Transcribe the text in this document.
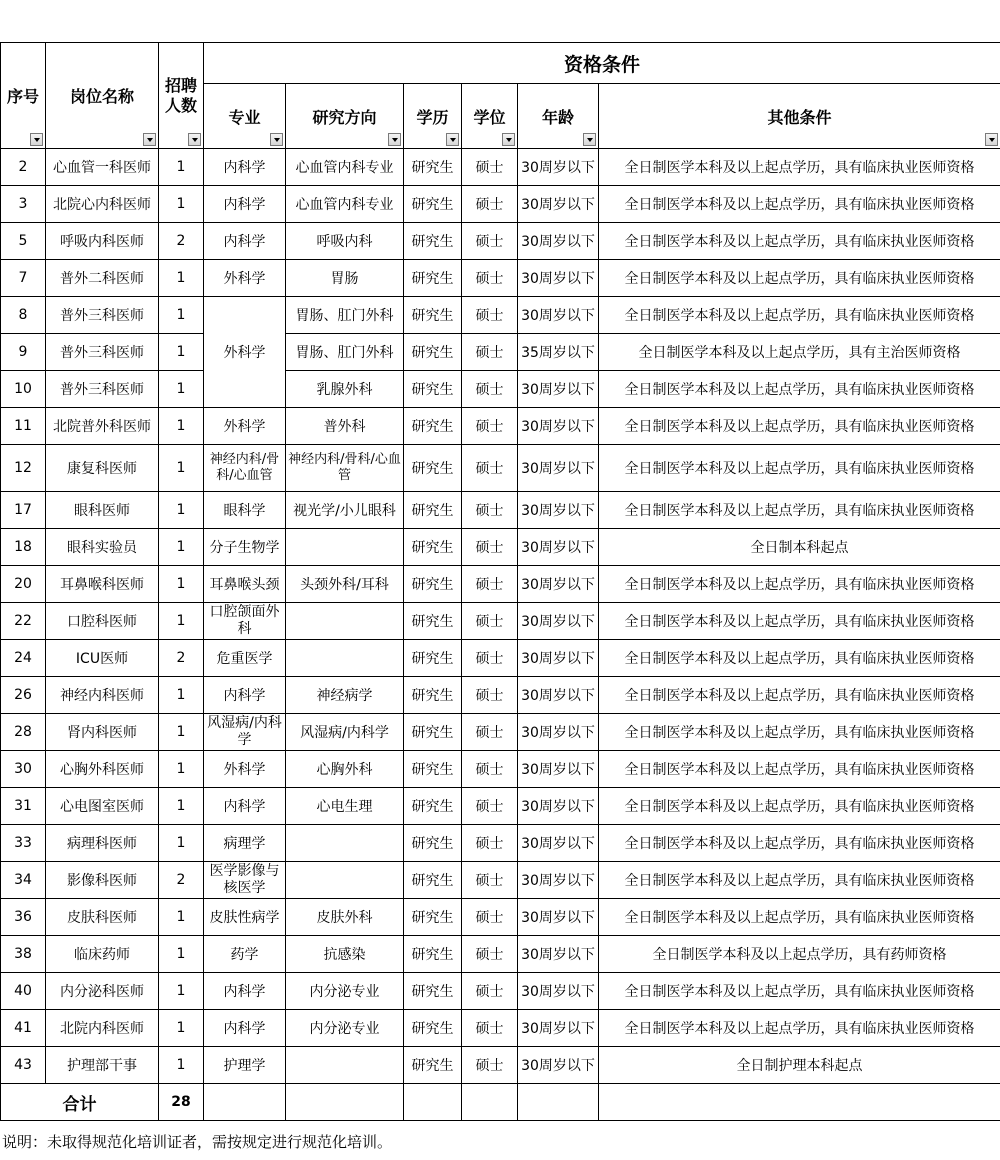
序号	岗位名称	招聘人数	资格条件					
			专业	研究方向	学历	学位	年龄	其他条件

2	心血管一科医师	1	内科学	心血管内科专业	研究生	硕士	30周岁以下	全日制医学本科及以上起点学历，具有临床执业医师资格
3	北院心内科医师	1	内科学	心血管内科专业	研究生	硕士	30周岁以下	全日制医学本科及以上起点学历，具有临床执业医师资格
5	呼吸内科医师	2	内科学	呼吸内科	研究生	硕士	30周岁以下	全日制医学本科及以上起点学历，具有临床执业医师资格
7	普外二科医师	1	外科学	胃肠	研究生	硕士	30周岁以下	全日制医学本科及以上起点学历，具有临床执业医师资格
8	普外三科医师	1	外科学	胃肠、肛门外科	研究生	硕士	30周岁以下	全日制医学本科及以上起点学历，具有临床执业医师资格
9	普外三科医师	1		胃肠、肛门外科	研究生	硕士	35周岁以下	全日制医学本科及以上起点学历，具有主治医师资格
10	普外三科医师	1		乳腺外科	研究生	硕士	30周岁以下	全日制医学本科及以上起点学历，具有临床执业医师资格
11	北院普外科医师	1	外科学	普外科	研究生	硕士	30周岁以下	全日制医学本科及以上起点学历，具有临床执业医师资格
12	康复科医师	1	神经内科/骨科/心血管	神经内科/骨科/心血管	研究生	硕士	30周岁以下	全日制医学本科及以上起点学历，具有临床执业医师资格
17	眼科医师	1	眼科学	视光学/小儿眼科	研究生	硕士	30周岁以下	全日制医学本科及以上起点学历，具有临床执业医师资格
18	眼科实验员	1	分子生物学		研究生	硕士	30周岁以下	全日制本科起点
20	耳鼻喉科医师	1	耳鼻喉头颈	头颈外科/耳科	研究生	硕士	30周岁以下	全日制医学本科及以上起点学历，具有临床执业医师资格
22	口腔科医师	1	口腔颌面外科		研究生	硕士	30周岁以下	全日制医学本科及以上起点学历，具有临床执业医师资格
24	ICU医师	2	危重医学		研究生	硕士	30周岁以下	全日制医学本科及以上起点学历，具有临床执业医师资格
26	神经内科医师	1	内科学	神经病学	研究生	硕士	30周岁以下	全日制医学本科及以上起点学历，具有临床执业医师资格
28	肾内科医师	1	风湿病/内科学	风湿病/内科学	研究生	硕士	30周岁以下	全日制医学本科及以上起点学历，具有临床执业医师资格
30	心胸外科医师	1	外科学	心胸外科	研究生	硕士	30周岁以下	全日制医学本科及以上起点学历，具有临床执业医师资格
31	心电图室医师	1	内科学	心电生理	研究生	硕士	30周岁以下	全日制医学本科及以上起点学历，具有临床执业医师资格
33	病理科医师	1	病理学		研究生	硕士	30周岁以下	全日制医学本科及以上起点学历，具有临床执业医师资格
34	影像科医师	2	医学影像与核医学		研究生	硕士	30周岁以下	全日制医学本科及以上起点学历，具有临床执业医师资格
36	皮肤科医师	1	皮肤性病学	皮肤外科	研究生	硕士	30周岁以下	全日制医学本科及以上起点学历，具有临床执业医师资格
38	临床药师	1	药学	抗感染	研究生	硕士	30周岁以下	全日制医学本科及以上起点学历，具有药师资格
40	内分泌科医师	1	内科学	内分泌专业	研究生	硕士	30周岁以下	全日制医学本科及以上起点学历，具有临床执业医师资格
41	北院内科医师	1	内科学	内分泌专业	研究生	硕士	30周岁以下	全日制医学本科及以上起点学历，具有临床执业医师资格
43	护理部干事	1	护理学		研究生	硕士	30周岁以下	全日制护理本科起点
合计		28						
说明：未取得规范化培训证者，需按规定进行规范化培训。
